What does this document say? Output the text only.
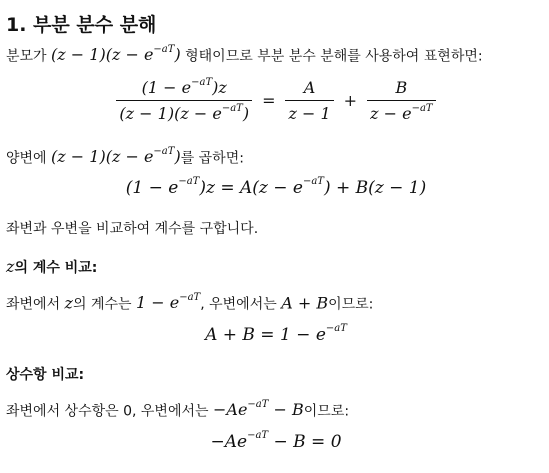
1. 부분 분수 분해
분모가 $(z - 1)(z - e^{-aT})$ 형태이므로 부분 분수 분해를 사용하여 표현하면:
$\frac{(1 - e^{-aT})z}{(z - 1)(z - e^{-aT})} = \frac{A}{z - 1} + \frac{B}{z - e^{-aT}}$
양변에 $(z - 1)(z - e^{-aT})$를 곱하면:
$(1 - e^{-aT})z = A(z - e^{-aT}) + B(z - 1)$
좌변과 우변을 비교하여 계수를 구합니다.
z의 계수 비교:
좌변에서 z의 계수는 $1 - e^{-aT}$, 우변에서는 A + B이므로:
$A + B = 1 - e^{-aT}$
상수항 비교:
좌변에서 상수항은 0, 우변에서는 $-Ae^{-aT} - B$이므로:
$-Ae^{-aT} - B = 0$
